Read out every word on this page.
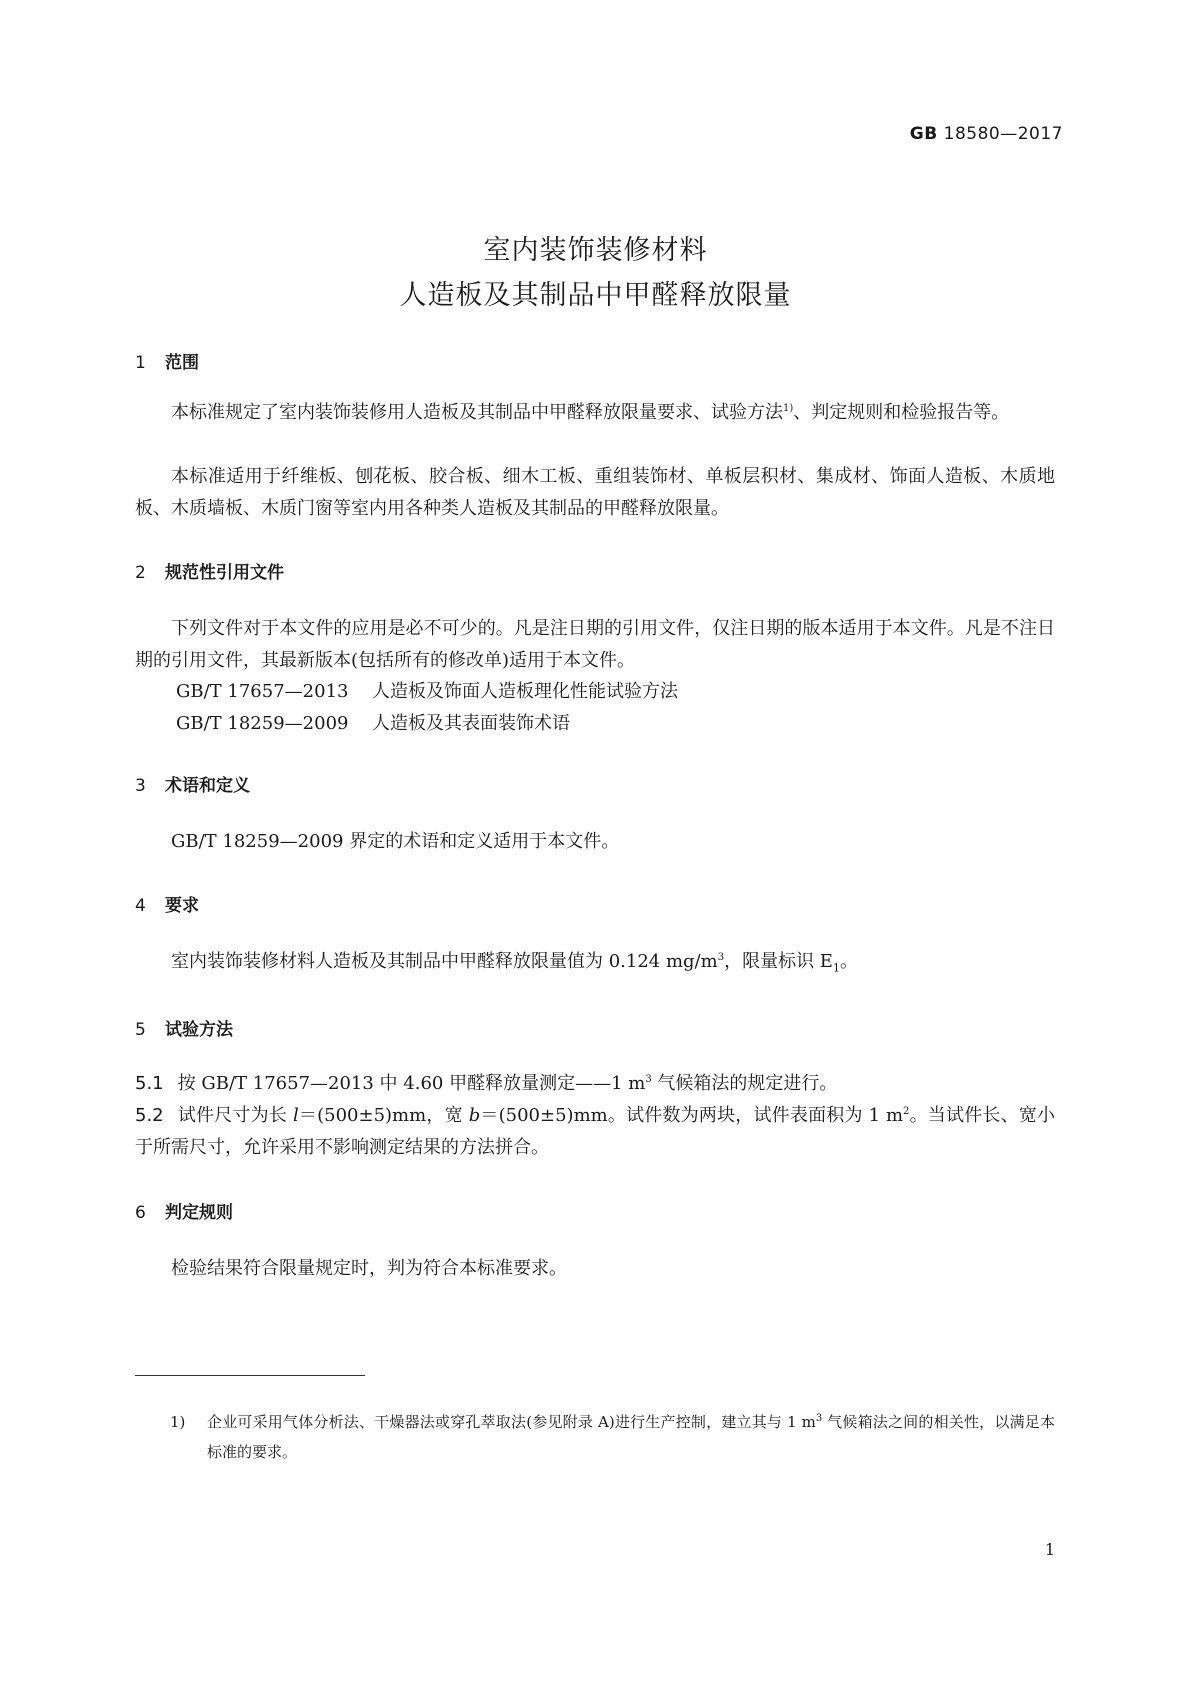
GB 18580—2017
室内装饰装修材料
人造板及其制品中甲醛释放限量
1 范围
本标准规定了室内装饰装修用人造板及其制品中甲醛释放限量要求、试验方法$^{1)}$、判定规则和检验报告等。
本标准适用于纤维板、刨花板、胶合板、细木工板、重组装饰材、单板层积材、集成材、饰面人造板、木质地板、木质墙板、木质门窗等室内用各种类人造板及其制品的甲醛释放限量。
2 规范性引用文件
下列文件对于本文件的应用是必不可少的。凡是注日期的引用文件，仅注日期的版本适用于本文件。凡是不注日期的引用文件，其最新版本(包括所有的修改单)适用于本文件。
GB/T 17657—2013 人造板及饰面人造板理化性能试验方法
GB/T 18259—2009 人造板及其表面装饰术语
3 术语和定义
GB/T 18259—2009 界定的术语和定义适用于本文件。
4 要求
室内装饰装修材料人造板及其制品中甲醛释放限量值为 0.124 $mg/m^3$，限量标识 $E_1$。
5 试验方法
5.1 按 GB/T 17657—2013 中 4.60 甲醛释放量测定——1 $m^3$ 气候箱法的规定进行。
5.2 试件尺寸为长 l＝(500±5)mm，宽 b＝(500±5)mm。试件数为两块，试件表面积为 1 $m^2$。当试件长、宽小于所需尺寸，允许采用不影响测定结果的方法拼合。
6 判定规则
检验结果符合限量规定时，判为符合本标准要求。
1) 企业可采用气体分析法、干燥器法或穿孔萃取法(参见附录 A)进行生产控制，建立其与 1 $m^3$ 气候箱法之间的相关性，以满足本标准的要求。
1
